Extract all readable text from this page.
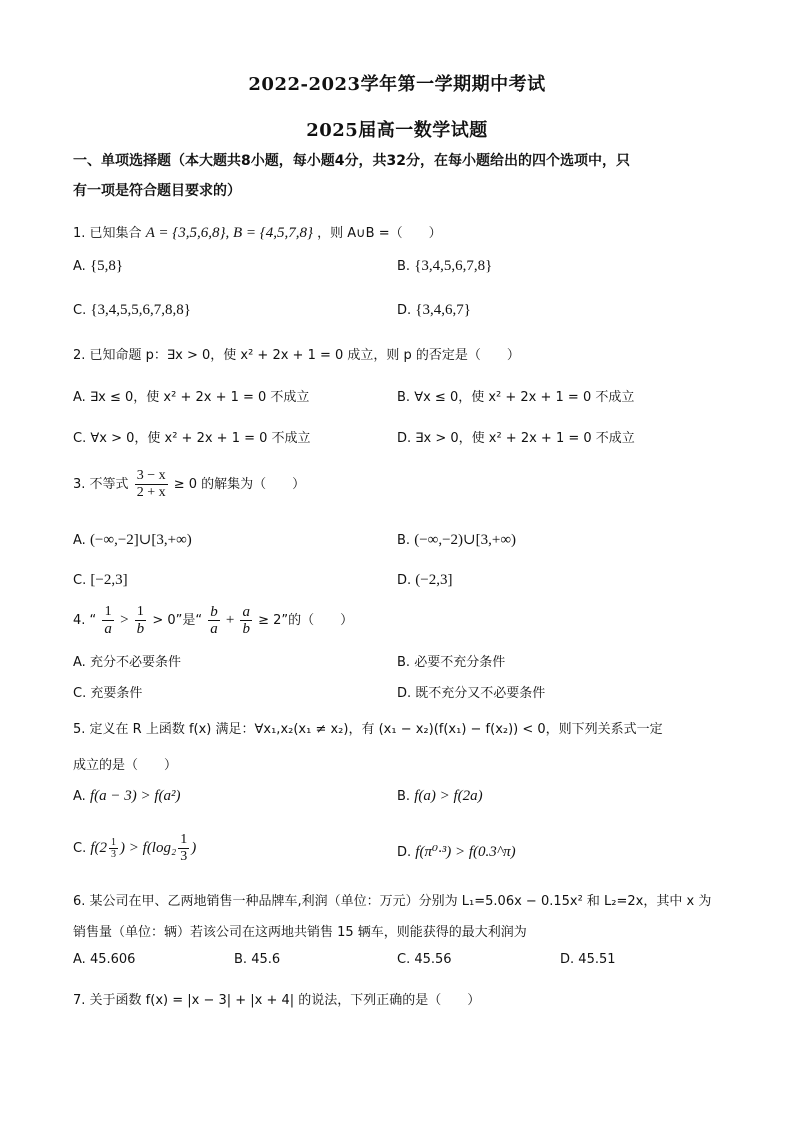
2022-2023学年第一学期期中考试
2025届高一数学试题
一、单项选择题（本大题共8小题，每小题4分，共32分，在每小题给出的四个选项中，只
有一项是符合题目要求的）
1. 已知集合 A = {3,5,6,8}, B = {4,5,7,8} ，则 A∪B =（　　）
A. {5,8}	B. {3,4,5,6,7,8}
C. {3,4,5,5,6,7,8,8}	D. {3,4,6,7}
2. 已知命题 p：∃x > 0，使 x² + 2x + 1 = 0 成立，则 p 的否定是（　　）
A. ∃x ≤ 0，使 x² + 2x + 1 = 0 不成立	B. ∀x ≤ 0，使 x² + 2x + 1 = 0 不成立
C. ∀x > 0，使 x² + 2x + 1 = 0 不成立	D. ∃x > 0，使 x² + 2x + 1 = 0 不成立
3. 不等式 $\frac{3 - x}{2 + x} \ge 0$ 的解集为（　　）
A. (−∞,−2]∪[3,+∞)	B. (−∞,−2)∪[3,+∞)
C. [−2,3]	D. (−2,3]
4. “ $\frac{1}{a} > \frac{1}{b} > 0$”是“ $\frac{b}{a} + \frac{a}{b} \ge 2$”的（　　）
A. 充分不必要条件	B. 必要不充分条件
C. 充要条件	D. 既不充分又不必要条件
5. 定义在 R 上函数 f(x) 满足：∀x₁,x₂(x₁ ≠ x₂)，有 (x₁ − x₂)(f(x₁) − f(x₂)) < 0，则下列关系式一定
成立的是（　　）
A. f(a − 3) > f(a²)	B. f(a) > f(2a)
C. $f(2 \frac{1}{3}$ ) > $f(\log_2 \frac{1}{3}$ )	D. f(π⁰·³) > f(0.3^π)
6. 某公司在甲、乙两地销售一种品牌车,利润（单位：万元）分别为 L₁=5.06x − 0.15x² 和 L₂=2x，其中 x 为
销售量（单位：辆）若该公司在这两地共销售 15 辆车，则能获得的最大利润为
A. 45.606	B. 45.6	C. 45.56	D. 45.51
7. 关于函数 f(x) = |x − 3| + |x + 4| 的说法，下列正确的是（　　）
